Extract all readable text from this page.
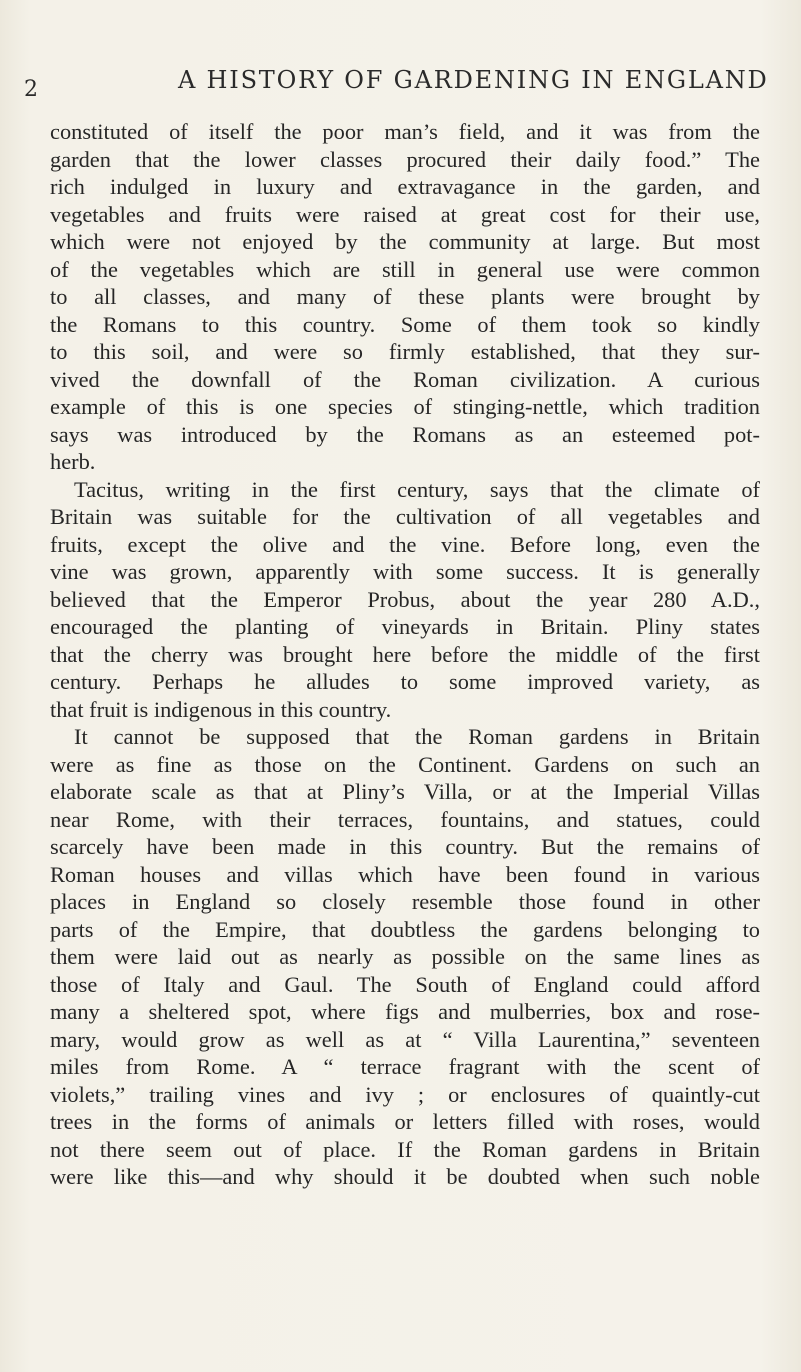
2	A HISTORY OF GARDENING IN ENGLAND

constituted of itself the poor man’s field, and it was from the
garden that the lower classes procured their daily food.” The
rich indulged in luxury and extravagance in the garden, and
vegetables and fruits were raised at great cost for their use,
which were not enjoyed by the community at large. But most
of the vegetables which are still in general use were common
to all classes, and many of these plants were brought by
the Romans to this country. Some of them took so kindly
to this soil, and were so firmly established, that they sur-
vived the downfall of the Roman civilization. A curious
example of this is one species of stinging-nettle, which tradition
says was introduced by the Romans as an esteemed pot-
herb.

Tacitus, writing in the first century, says that the climate of
Britain was suitable for the cultivation of all vegetables and
fruits, except the olive and the vine. Before long, even the
vine was grown, apparently with some success. It is generally
believed that the Emperor Probus, about the year 280 A.D.,
encouraged the planting of vineyards in Britain. Pliny states
that the cherry was brought here before the middle of the first
century. Perhaps he alludes to some improved variety, as
that fruit is indigenous in this country.

It cannot be supposed that the Roman gardens in Britain
were as fine as those on the Continent. Gardens on such an
elaborate scale as that at Pliny’s Villa, or at the Imperial Villas
near Rome, with their terraces, fountains, and statues, could
scarcely have been made in this country. But the remains of
Roman houses and villas which have been found in various
places in England so closely resemble those found in other
parts of the Empire, that doubtless the gardens belonging to
them were laid out as nearly as possible on the same lines as
those of Italy and Gaul. The South of England could afford
many a sheltered spot, where figs and mulberries, box and rose-
mary, would grow as well as at “ Villa Laurentina,” seventeen
miles from Rome. A “ terrace fragrant with the scent of
violets,” trailing vines and ivy ; or enclosures of quaintly-cut
trees in the forms of animals or letters filled with roses, would
not there seem out of place. If the Roman gardens in Britain
were like this—and why should it be doubted when such noble
